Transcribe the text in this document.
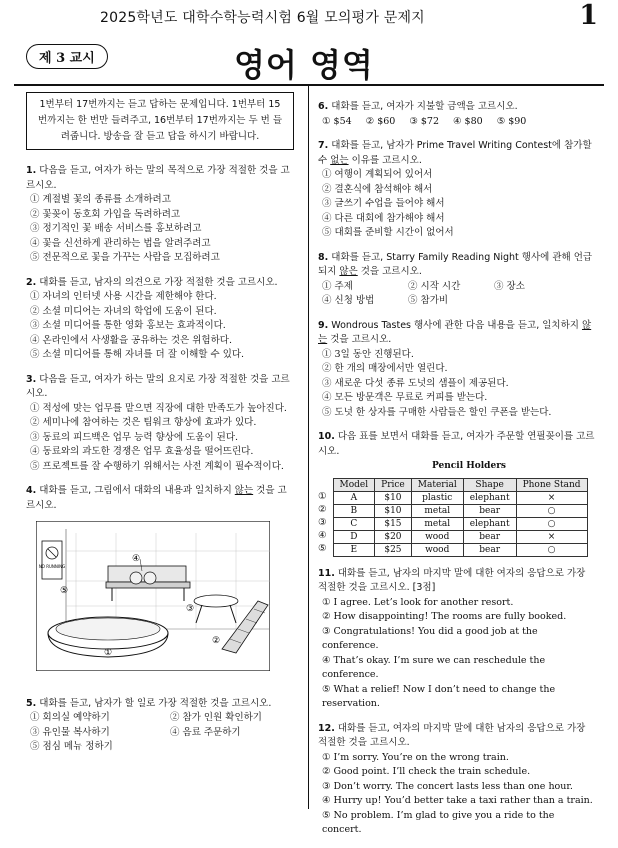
2025학년도 대학수학능력시험 6월 모의평가 문제지	1
제 3 교시	영어 영역
1번부터 17번까지는 듣고 답하는 문제입니다. 1번부터 15번까지는 한 번만 들려주고, 16번부터 17번까지는 두 번 들려줍니다. 방송을 잘 듣고 답을 하시기 바랍니다.
1. 다음을 듣고, 여자가 하는 말의 목적으로 가장 적절한 것을 고르시오.
① 계절별 꽃의 종류를 소개하려고
② 꽃꽂이 동호회 가입을 독려하려고
③ 정기적인 꽃 배송 서비스를 홍보하려고
④ 꽃을 신선하게 관리하는 법을 알려주려고
⑤ 전문적으로 꽃을 가꾸는 사람을 모집하려고
2. 대화를 듣고, 남자의 의견으로 가장 적절한 것을 고르시오.
① 자녀의 인터넷 사용 시간을 제한해야 한다.
② 소셜 미디어는 자녀의 학업에 도움이 된다.
③ 소셜 미디어를 통한 영화 홍보는 효과적이다.
④ 온라인에서 사생활을 공유하는 것은 위험하다.
⑤ 소셜 미디어를 통해 자녀를 더 잘 이해할 수 있다.
3. 다음을 듣고, 여자가 하는 말의 요지로 가장 적절한 것을 고르시오.
① 적성에 맞는 업무를 맡으면 직장에 대한 만족도가 높아진다.
② 세미나에 참여하는 것은 팀워크 향상에 효과가 있다.
③ 동료의 피드백은 업무 능력 향상에 도움이 된다.
④ 동료와의 과도한 경쟁은 업무 효율성을 떨어뜨린다.
⑤ 프로젝트를 잘 수행하기 위해서는 사전 계획이 필수적이다.
4. 대화를 듣고, 그림에서 대화의 내용과 일치하지 않는 것을 고르시오.
NO RUNNING
①
②
③
④
⑤
5. 대화를 듣고, 남자가 할 일로 가장 적절한 것을 고르시오.
① 회의실 예약하기	② 참가 인원 확인하기
③ 유인물 복사하기	④ 음료 주문하기
⑤ 점심 메뉴 정하기
6. 대화를 듣고, 여자가 지불할 금액을 고르시오.
① $54 ② $60 ③ $72 ④ $80 ⑤ $90
7. 대화를 듣고, 남자가 Prime Travel Writing Contest에 참가할 수 없는 이유를 고르시오.
① 여행이 계획되어 있어서
② 결혼식에 참석해야 해서
③ 글쓰기 수업을 들어야 해서
④ 다른 대회에 참가해야 해서
⑤ 대회를 준비할 시간이 없어서
8. 대화를 듣고, Starry Family Reading Night 행사에 관해 언급되지 않은 것을 고르시오.
① 주제	② 시작 시간	③ 장소
④ 신청 방법	⑤ 참가비
9. Wondrous Tastes 행사에 관한 다음 내용을 듣고, 일치하지 않는 것을 고르시오.
① 3일 동안 진행된다.
② 한 개의 매장에서만 열린다.
③ 새로운 다섯 종류 도넛의 샘플이 제공된다.
④ 모든 방문객은 무료로 커피를 받는다.
⑤ 도넛 한 상자를 구매한 사람들은 할인 쿠폰을 받는다.
10. 다음 표를 보면서 대화를 듣고, 여자가 주문할 연필꽂이를 고르시오.
Pencil Holders
①
②
③
④
⑤
Model	Price	Material	Shape	Phone Stand
A	$10	plastic	elephant	×
B	$10	metal	bear	○
C	$15	metal	elephant	○
D	$20	wood	bear	×
E	$25	wood	bear	○
11. 대화를 듣고, 남자의 마지막 말에 대한 여자의 응답으로 가장 적절한 것을 고르시오. [3점]
① I agree. Let’s look for another resort.
② How disappointing! The rooms are fully booked.
③ Congratulations! You did a good job at the conference.
④ That’s okay. I’m sure we can reschedule the conference.
⑤ What a relief! Now I don’t need to change the reservation.
12. 대화를 듣고, 여자의 마지막 말에 대한 남자의 응답으로 가장 적절한 것을 고르시오.
① I’m sorry. You’re on the wrong train.
② Good point. I’ll check the train schedule.
③ Don’t worry. The concert lasts less than one hour.
④ Hurry up! You’d better take a taxi rather than a train.
⑤ No problem. I’m glad to give you a ride to the concert.
